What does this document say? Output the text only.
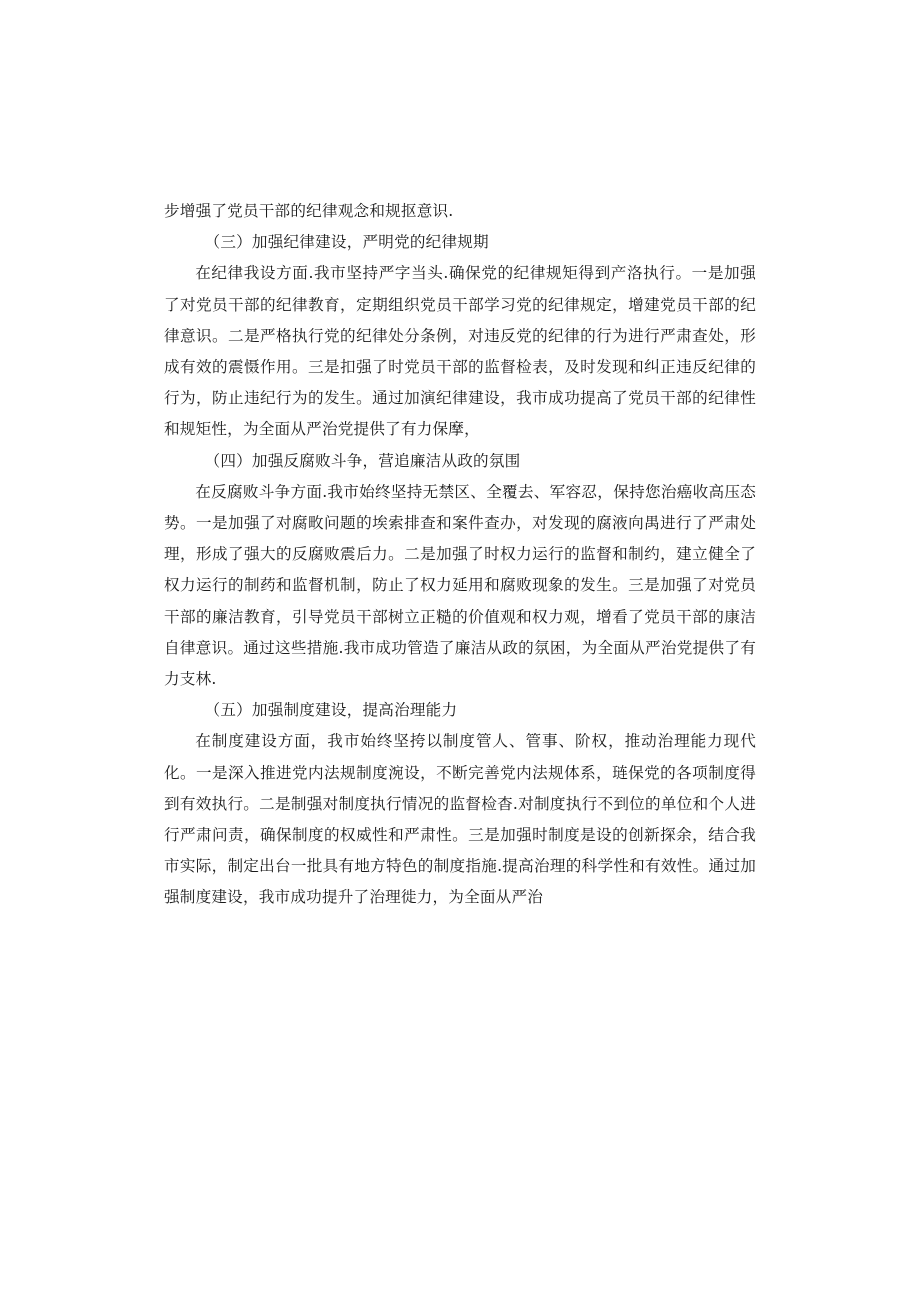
步增强了党员干部的纪律观念和规抠意识.

（三）加强纪律建设，严明党的纪律规期

在纪律我设方面.我市坚持严字当头.确保党的纪律规矩得到产洛执行。一是加强了对党员干部的纪律教育，定期组织党员干部学习党的纪律规定，增建党员干部的纪律意识。二是严格执行党的纪律处分条例，对违反党的纪律的行为进行严肃查处，形成有效的震慑作用。三是扣强了时党员干部的监督检表，及时发现和纠正违反纪律的行为，防止违纪行为的发生。通过加演纪律建设，我市成功提高了党员干部的纪律性和规矩性，为全面从严治党提供了有力保摩，

（四）加强反腐败斗争，营追廉洁从政的氛围

在反腐败斗争方面.我市始终坚持无禁区、全覆去、军容忍，保持您治癌收高压态势。一是加强了对腐畋问题的埃索排查和案件查办，对发现的腐液向禺进行了严肃处理，形成了强大的反腐败震后力。二是加强了时权力运行的监督和制约，建立健全了权力运行的制药和监督机制，防止了权力延用和腐败现象的发生。三是加强了对党员干部的廉洁教育，引导党员干部树立正糙的价值观和权力观，增看了党员干部的康洁自律意识。通过这些措施.我市成功管造了廉洁从政的氛困，为全面从严治党提供了有力支林.

（五）加强制度建设，提高治理能力

在制度建设方面，我市始终坚挎以制度管人、管事、阶权，推动治理能力现代化。一是深入推进党内法规制度涴设，不断完善党内法规体系，琏保党的各项制度得到有效执行。二是制强对制度执行情况的监督检杳.对制度执行不到位的单位和个人进行严肃问责，确保制度的权威性和严肃性。三是加强时制度是设的创新探余，结合我市实际，制定出台一批具有地方特色的制度指施.提高治理的科学性和有效性。通过加强制度建设，我市成功提升了治理徙力，为全面从严治
